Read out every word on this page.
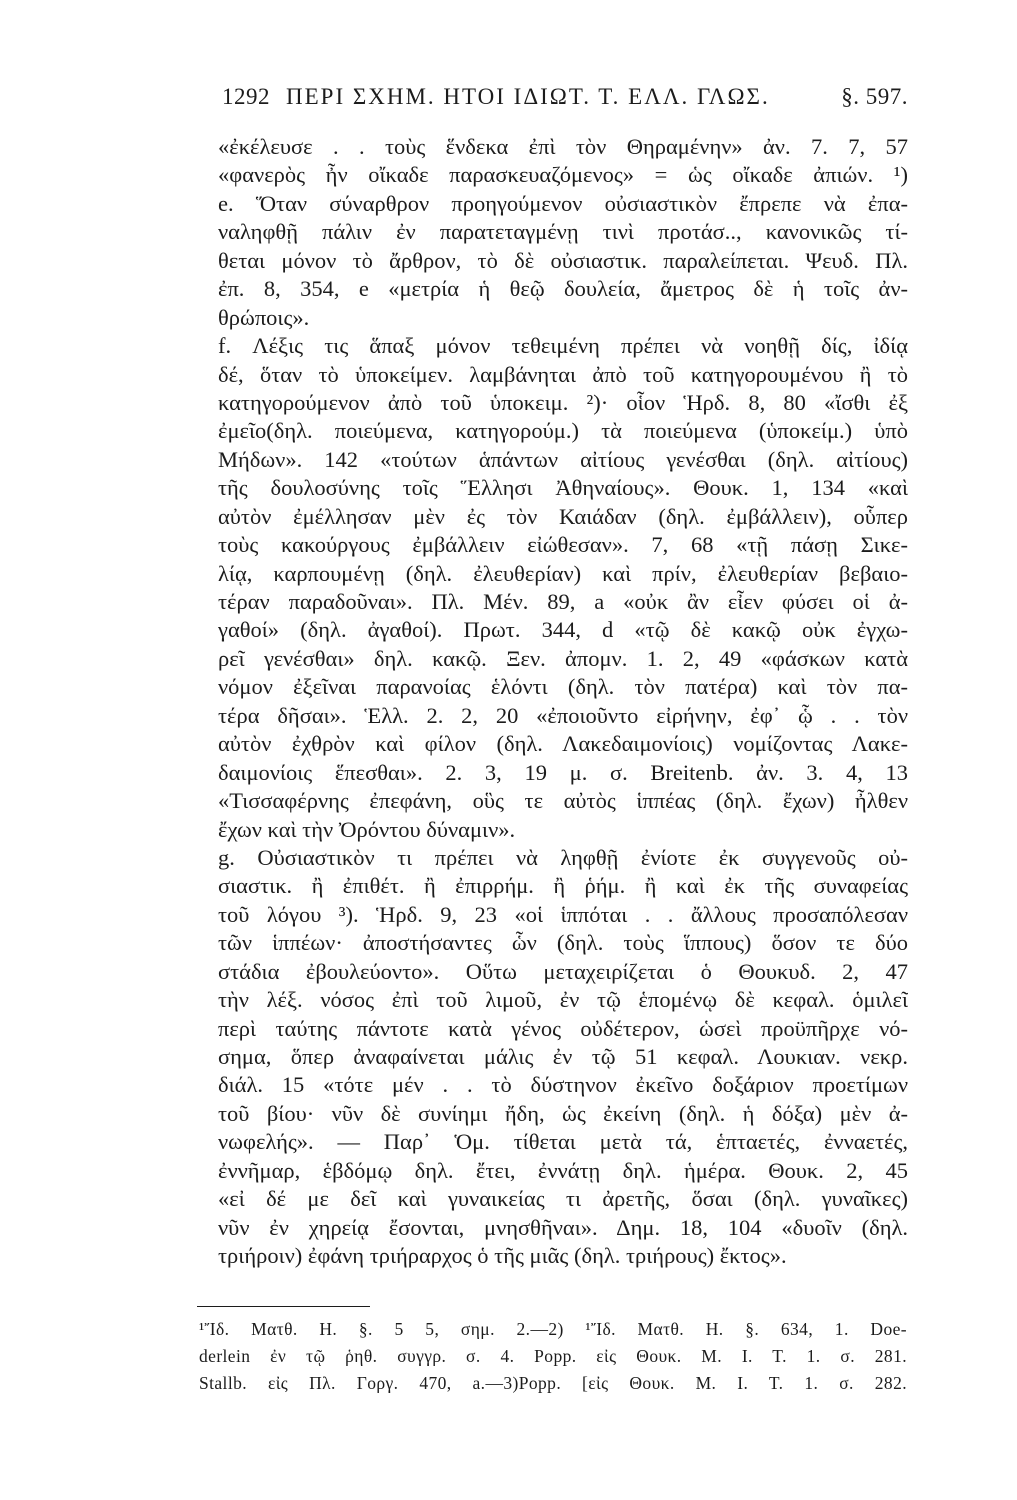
1292 ΠΕΡΙ ΣΧΗΜ. ΗΤΟΙ ΙΔΙΩΤ. Τ. ΕΛΛ. ΓΛΩΣ.	§. 597.
«ἐκέλευσε . . τοὺς ἕνδεκα ἐπὶ τὸν Θηραμένην» ἀν. 7. 7, 57
«φανερὸς ἦν οἴκαδε παρασκευαζόμενος» = ὡς οἴκαδε ἀπιών. ¹)
e. Ὅταν σύναρθρον προηγούμενον οὐσιαστικὸν ἔπρεπε νὰ ἐπα-
ναληφθῇ πάλιν ἐν παρατεταγμένῃ τινὶ προτάσ.., κανονικῶς τί-
θεται μόνον τὸ ἄρθρον, τὸ δὲ οὐσιαστικ. παραλείπεται. Ψευδ. Πλ.
ἐπ. 8, 354, e «μετρία ἡ θεῷ δουλεία, ἄμετρος δὲ ἡ τοῖς ἀν-
θρώποις».
f. Λέξις τις ἅπαξ μόνον τεθειμένη πρέπει νὰ νοηθῇ δίς, ἰδίᾳ
δέ, ὅταν τὸ ὑποκείμεν. λαμβάνηται ἀπὸ τοῦ κατηγορουμένου ἢ τὸ
κατηγορούμενον ἀπὸ τοῦ ὑποκειμ. ²)· οἷον Ἡρδ. 8, 80 «ἴσθι ἐξ
ἐμεῖο(δηλ. ποιεύμενα, κατηγορούμ.) τὰ ποιεύμενα (ὑποκείμ.) ὑπὸ
Μήδων». 142 «τούτων ἁπάντων αἰτίους γενέσθαι (δηλ. αἰτίους)
τῆς δουλοσύνης τοῖς Ἕλλησι Ἀθηναίους». Θουκ. 1, 134 «καὶ
αὐτὸν ἐμέλλησαν μὲν ἐς τὸν Καιάδαν (δηλ. ἐμβάλλειν), οὗπερ
τοὺς κακούργους ἐμβάλλειν εἰώθεσαν». 7, 68 «τῇ πάσῃ Σικε-
λίᾳ, καρπουμένῃ (δηλ. ἐλευθερίαν) καὶ πρίν, ἐλευθερίαν βεβαιο-
τέραν παραδοῦναι». Πλ. Μέν. 89, a «οὐκ ἂν εἶεν φύσει οἱ ἀ-
γαθοί» (δηλ. ἀγαθοί). Πρωτ. 344, d «τῷ δὲ κακῷ οὐκ ἐγχω-
ρεῖ γενέσθαι» δηλ. κακῷ. Ξεν. ἀπομν. 1. 2, 49 «φάσκων κατὰ
νόμον ἐξεῖναι παρανοίας ἑλόντι (δηλ. τὸν πατέρα) καὶ τὸν πα-
τέρα δῆσαι». Ἑλλ. 2. 2, 20 «ἐποιοῦντο εἰρήνην, ἐφ᾽ ᾧ . . τὸν
αὐτὸν ἐχθρὸν καὶ φίλον (δηλ. Λακεδαιμονίοις) νομίζοντας Λακε-
δαιμονίοις ἕπεσθαι». 2. 3, 19 μ. σ. Breitenb. ἀν. 3. 4, 13
«Τισσαφέρνης ἐπεφάνη, οὓς τε αὐτὸς ἱππέας (δηλ. ἔχων) ἦλθεν
ἔχων καὶ τὴν Ὀρόντου δύναμιν».
g. Οὐσιαστικὸν τι πρέπει νὰ ληφθῇ ἐνίοτε ἐκ συγγενοῦς οὐ-
σιαστικ. ἢ ἐπιθέτ. ἢ ἐπιρρήμ. ἢ ῥήμ. ἢ καὶ ἐκ τῆς συναφείας
τοῦ λόγου ³). Ἡρδ. 9, 23 «οἱ ἱππόται . . ἄλλους προσαπόλεσαν
τῶν ἱππέων· ἀποστήσαντες ὧν (δηλ. τοὺς ἵππους) ὅσον τε δύο
στάδια ἐβουλεύοντο». Οὕτω μεταχειρίζεται ὁ Θουκυδ. 2, 47
τὴν λέξ. νόσος ἐπὶ τοῦ λιμοῦ, ἐν τῷ ἑπομένῳ δὲ κεφαλ. ὁμιλεῖ
περὶ ταύτης πάντοτε κατὰ γένος οὐδέτερον, ὡσεὶ προϋπῆρχε νό-
σημα, ὅπερ ἀναφαίνεται μάλις ἐν τῷ 51 κεφαλ. Λουκιαν. νεκρ.
διάλ. 15 «τότε μέν . . τὸ δύστηνον ἐκεῖνο δοξάριον προετίμων
τοῦ βίου· νῦν δὲ συνίημι ἤδη, ὡς ἐκείνη (δηλ. ἡ δόξα) μὲν ἀ-
νωφελής». — Παρ᾽ Ὁμ. τίθεται μετὰ τά, ἑπταετές, ἐνναετές,
ἐννῆμαρ, ἑβδόμῳ δηλ. ἔτει, ἐννάτῃ δηλ. ἡμέρα. Θουκ. 2, 45
«εἰ δέ με δεῖ καὶ γυναικείας τι ἀρετῆς, ὅσαι (δηλ. γυναῖκες)
νῦν ἐν χηρείᾳ ἔσονται, μνησθῆναι». Δημ. 18, 104 «δυοῖν (δηλ.
τριήροιν) ἐφάνη τριήραρχος ὁ τῆς μιᾶς (δηλ. τριήρους) ἔκτος».
¹Ἴδ. Ματθ. Η. §. 5 5, σημ. 2.—2) ¹Ἴδ. Ματθ. Η. §. 634, 1. Doe-
derlein ἐν τῷ ῥηθ. συγγρ. σ. 4. Popp. εἰς Θουκ. Μ. Ι. Τ. 1. σ. 281.
Stallb. εἰς Πλ. Γοργ. 470, a.—3)Popp. [εἰς Θουκ. Μ. Ι. Τ. 1. σ. 282.
